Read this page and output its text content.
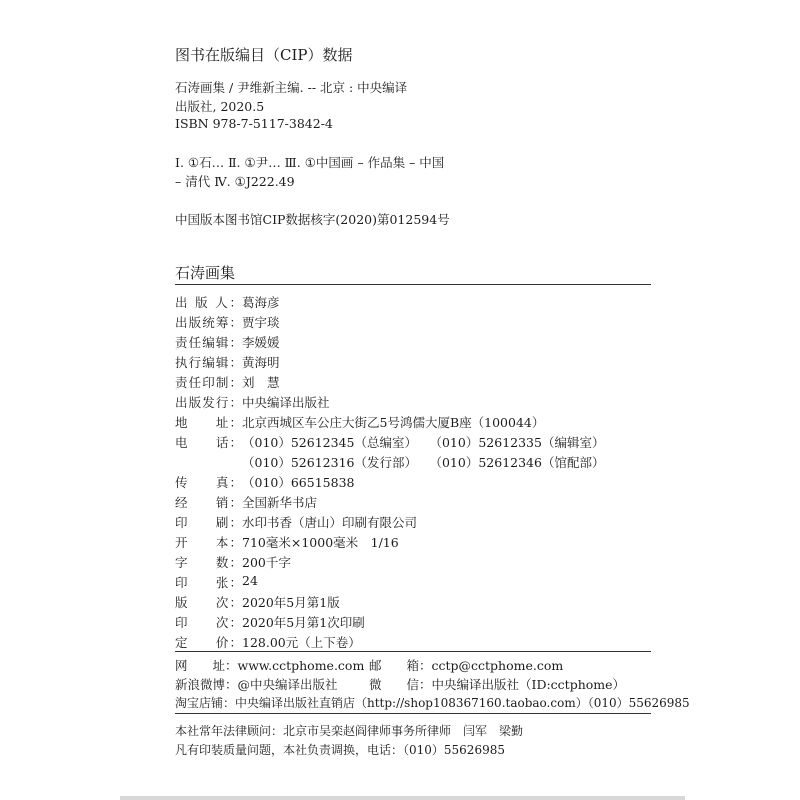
图书在版编目（CIP）数据
石涛画集 / 尹维新主编. -- 北京 : 中央编译
出版社, 2020.5
ISBN 978-7-5117-3842-4
Ⅰ. ①石… Ⅱ. ①尹… Ⅲ. ①中国画 – 作品集 – 中国
– 清代 Ⅳ. ①J222.49
中国版本图书馆CIP数据核字(2020)第012594号
石涛画集
出 版 人： 葛海彦
出版统筹： 贾宇琰
责任编辑： 李媛媛
执行编辑： 黄海明
责任印制： 刘　慧
出版发行： 中央编译出版社
地　　址： 北京西城区车公庄大街乙5号鸿儒大厦B座（100044）
电　　话： （010）52612345（总编室）　　（010）52612335（编辑室）
（010）52612316（发行部）　　（010）52612346（馆配部）
传　　真： （010）66515838
经　　销： 全国新华书店
印　　刷： 水印书香（唐山）印刷有限公司
开　　本： 710毫米×1000毫米　1/16
字　　数： 200千字
印　　张： 24
版　　次： 2020年5月第1版
印　　次： 2020年5月第1次印刷
定　　价： 128.00元（上下卷）
网　　址：www.cctphome.com 邮　　箱：cctp@cctphome.com
新浪微博：@中央编译出版社	微　　信：中央编译出版社（ID:cctphome）
淘宝店铺：中央编译出版社直销店（http://shop108367160.taobao.com）（010）55626985
本社常年法律顾问：北京市吴栾赵阎律师事务所律师　闫军　梁勤
凡有印装质量问题，本社负责调换，电话：（010）55626985
